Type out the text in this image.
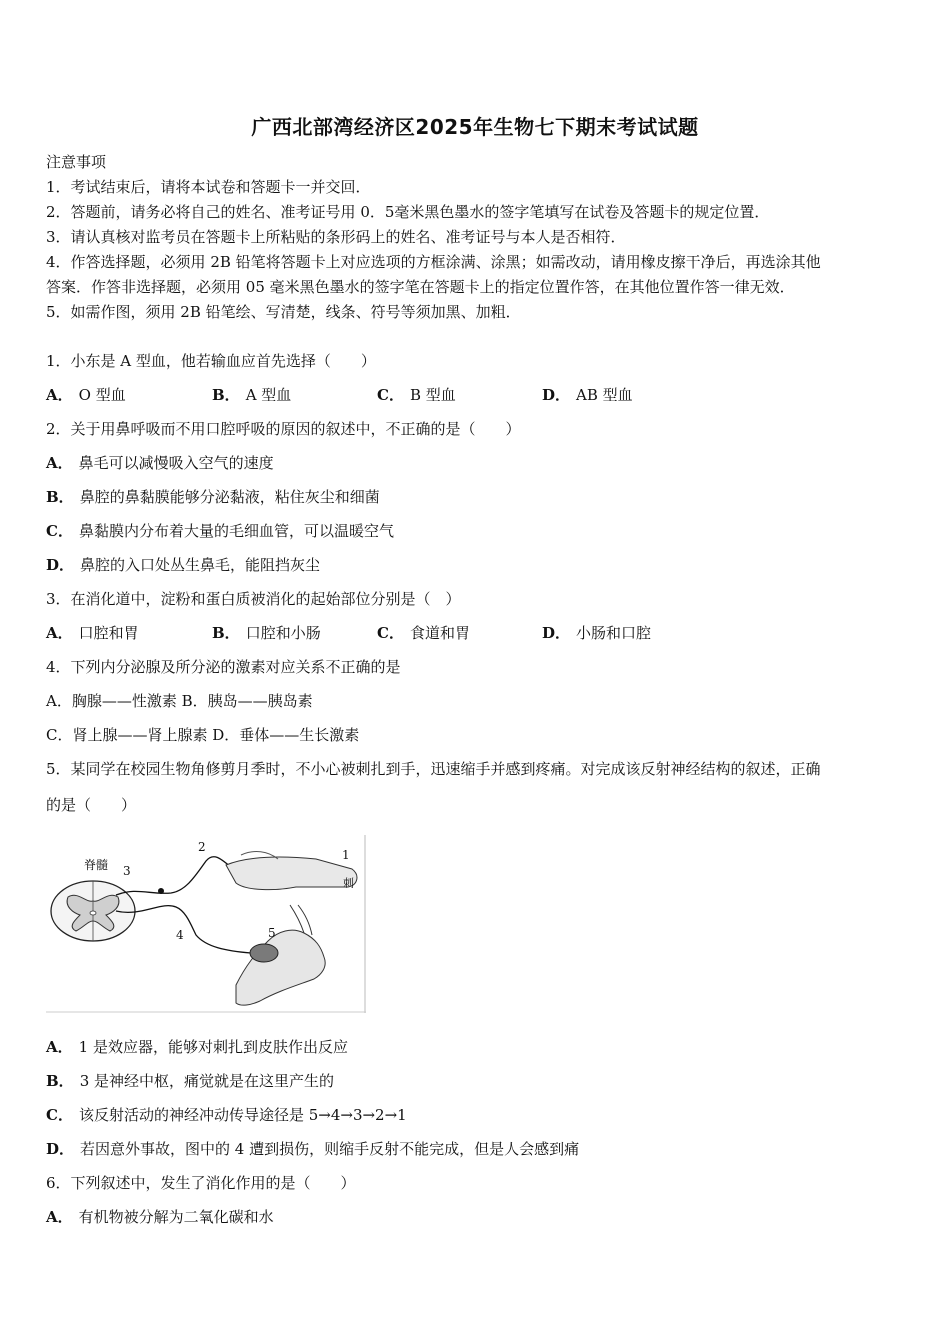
广西北部湾经济区2025年生物七下期末考试试题
注意事项
1．考试结束后，请将本试卷和答题卡一并交回．
2．答题前，请务必将自己的姓名、准考证号用 0．5毫米黑色墨水的签字笔填写在试卷及答题卡的规定位置．
3．请认真核对监考员在答题卡上所粘贴的条形码上的姓名、准考证号与本人是否相符．
4．作答选择题，必须用 2B 铅笔将答题卡上对应选项的方框涂满、涂黑；如需改动，请用橡皮擦干净后，再选涂其他
答案．作答非选择题，必须用 05 毫米黑色墨水的签字笔在答题卡上的指定位置作答，在其他位置作答一律无效．
5．如需作图，须用 2B 铅笔绘、写清楚，线条、符号等须加黑、加粗．
1．小东是 A 型血，他若输血应首先选择（　　）
A． O 型血	B． A 型血	C． B 型血	D． AB 型血
2．关于用鼻呼吸而不用口腔呼吸的原因的叙述中，不正确的是（　　）
A． 鼻毛可以减慢吸入空气的速度
B． 鼻腔的鼻黏膜能够分泌黏液，粘住灰尘和细菌
C． 鼻黏膜内分布着大量的毛细血管，可以温暖空气
D． 鼻腔的入口处丛生鼻毛，能阻挡灰尘
3．在消化道中，淀粉和蛋白质被消化的起始部位分别是（　）
A． 口腔和胃	B． 口腔和小肠	C． 食道和胃	D． 小肠和口腔
4．下列内分泌腺及所分泌的激素对应关系不正确的是
A．胸腺——性激素 B．胰岛——胰岛素
C．肾上腺——肾上腺素 D．垂体——生长激素
5．某同学在校园生物角修剪月季时，不小心被刺扎到手，迅速缩手并感到疼痛。对完成该反射神经结构的叙述，正确
的是（　　）
脊髓 3
2
1
刺
4	5
A． 1 是效应器，能够对刺扎到皮肤作出反应
B． 3 是神经中枢，痛觉就是在这里产生的
C． 该反射活动的神经冲动传导途径是 5→4→3→2→1
D． 若因意外事故，图中的 4 遭到损伤，则缩手反射不能完成，但是人会感到痛
6．下列叙述中，发生了消化作用的是（　　）
A． 有机物被分解为二氧化碳和水
